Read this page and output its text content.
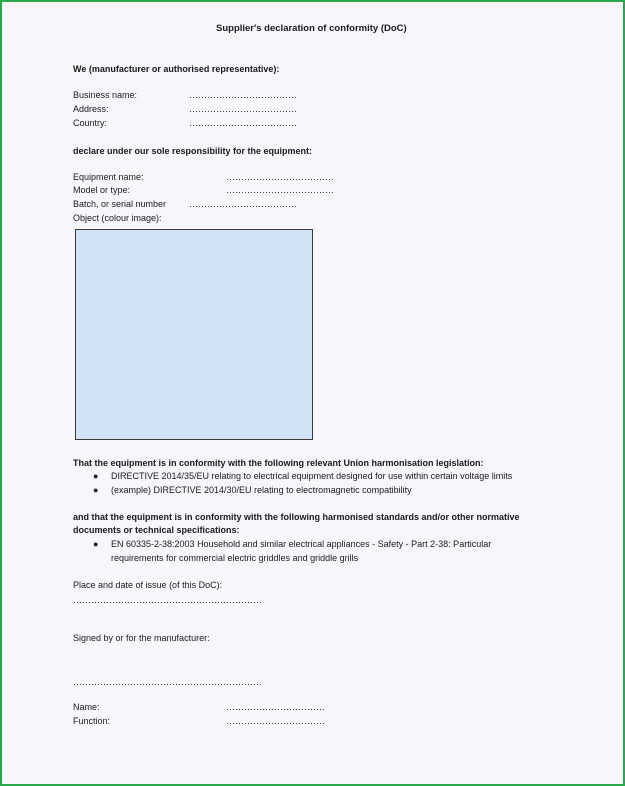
Supplier's declaration of conformity (DoC)
We (manufacturer or authorised representative):
Business name:	………………………………
Address:	………………………………
Country:	………………………………
declare under our sole responsibility for the equipment:
Equipment name:	………………………………
Model or type:	………………………………
Batch, or serial number	………………………………
Object (colour image):
That the equipment is in conformity with the following relevant Union harmonisation legislation:
● DIRECTIVE 2014/35/EU relating to electrical equipment designed for use within certain voltage limits
● (example) DIRECTIVE 2014/30/EU relating to electromagnetic compatibility
and that the equipment is in conformity with the following harmonised standards and/or other normative
documents or technical specifications:
● EN 60335-2-38:2003 Household and similar electrical appliances - Safety - Part 2-38: Particular
requirements for commercial electric griddles and griddle grills
Place and date of issue (of this DoC):
………………………………………………………
Signed by or for the manufacturer:
………………………………………………………
Name:	……………………………
Function:	……………………………
